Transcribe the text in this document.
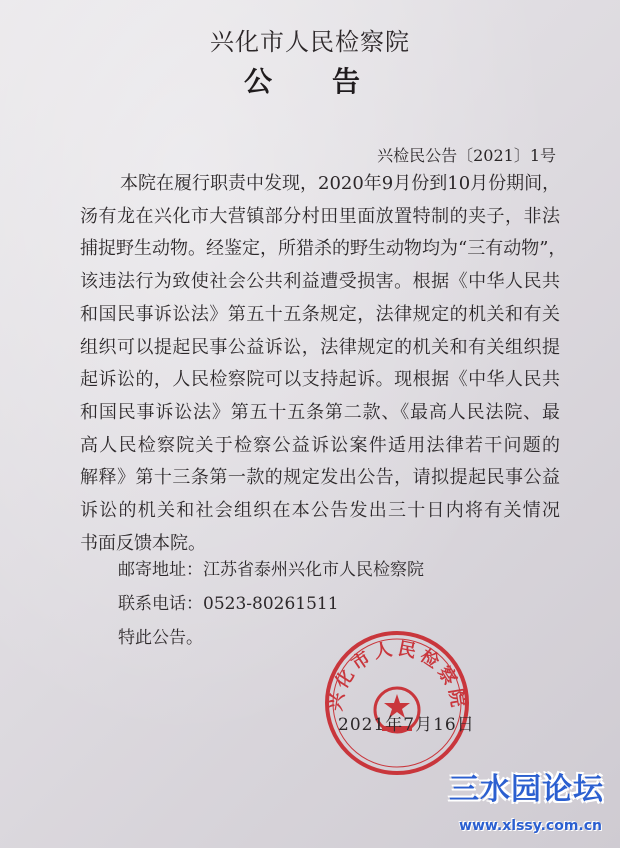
兴化市人民检察院
公　告
兴检民公告〔2021〕1号
本院在履行职责中发现，2020年9月份到10月份期间，
汤有龙在兴化市大营镇部分村田里面放置特制的夹子，非法
捕捉野生动物。经鉴定，所猎杀的野生动物均为“三有动物”，
该违法行为致使社会公共利益遭受损害。根据《中华人民共
和国民事诉讼法》第五十五条规定，法律规定的机关和有关
组织可以提起民事公益诉讼，法律规定的机关和有关组织提
起诉讼的，人民检察院可以支持起诉。现根据《中华人民共
和国民事诉讼法》第五十五条第二款、《最高人民法院、最
高人民检察院关于检察公益诉讼案件适用法律若干问题的
解释》第十三条第一款的规定发出公告，请拟提起民事公益
诉讼的机关和社会组织在本公告发出三十日内将有关情况
书面反馈本院。
邮寄地址：江苏省泰州兴化市人民检察院
联系电话：0523-80261511
特此公告。
兴化市人民检察院
2021年7月16日
三水园论坛
www.xlssy.com.cn
